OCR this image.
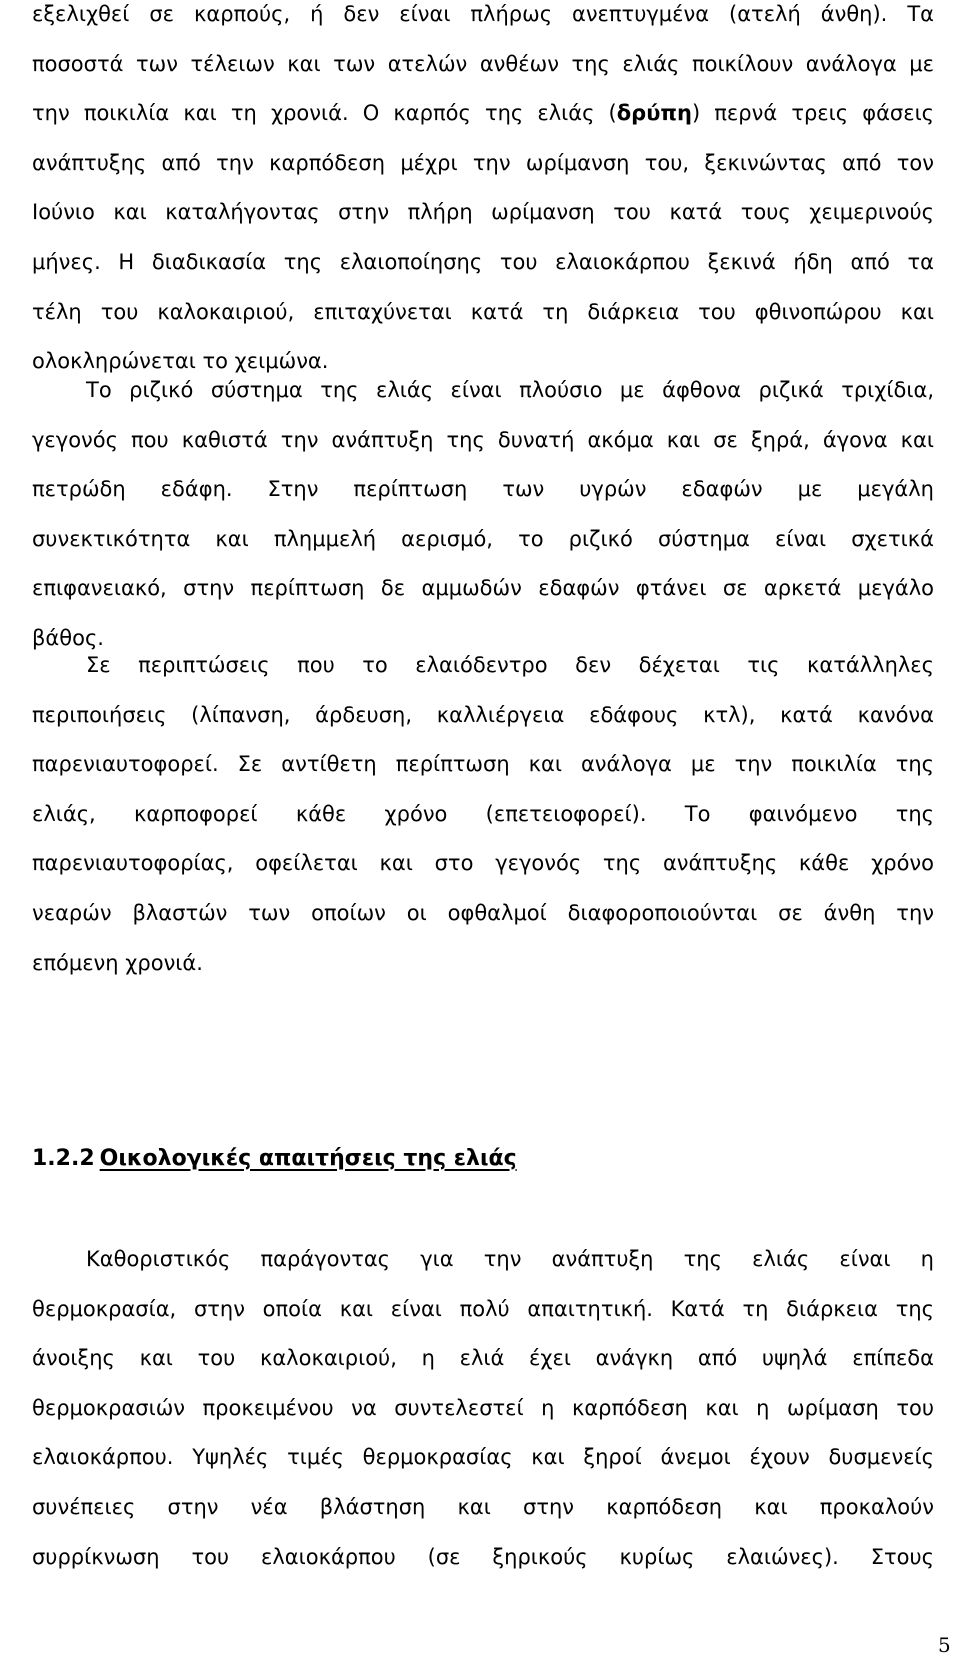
εξελιχθεί σε καρπούς, ή δεν είναι πλήρως ανεπτυγμένα (ατελή άνθη). Τα
ποσοστά των τέλειων και των ατελών ανθέων της ελιάς ποικίλουν ανάλογα με
την ποικιλία και τη χρονιά. Ο καρπός της ελιάς (δρύπη) περνά τρεις φάσεις
ανάπτυξης από την καρπόδεση μέχρι την ωρίμανση του, ξεκινώντας από τον
Ιούνιο και καταλήγοντας στην πλήρη ωρίμανση του κατά τους χειμερινούς
μήνες. Η διαδικασία της ελαιοποίησης του ελαιοκάρπου ξεκινά ήδη από τα
τέλη του καλοκαιριού, επιταχύνεται κατά τη διάρκεια του φθινοπώρου και
ολοκληρώνεται το χειμώνα.

Το ριζικό σύστημα της ελιάς είναι πλούσιο με άφθονα ριζικά τριχίδια,
γεγονός που καθιστά την ανάπτυξη της δυνατή ακόμα και σε ξηρά, άγονα και
πετρώδη εδάφη. Στην περίπτωση των υγρών εδαφών με μεγάλη
συνεκτικότητα και πλημμελή αερισμό, το ριζικό σύστημα είναι σχετικά
επιφανειακό, στην περίπτωση δε αμμωδών εδαφών φτάνει σε αρκετά μεγάλο
βάθος.

Σε περιπτώσεις που το ελαιόδεντρο δεν δέχεται τις κατάλληλες
περιποιήσεις (λίπανση, άρδευση, καλλιέργεια εδάφους κτλ), κατά κανόνα
παρενιαυτοφορεί. Σε αντίθετη περίπτωση και ανάλογα με την ποικιλία της
ελιάς, καρποφορεί κάθε χρόνο (επετειοφορεί). Το φαινόμενο της
παρενιαυτοφορίας, οφείλεται και στο γεγονός της ανάπτυξης κάθε χρόνο
νεαρών βλαστών των οποίων οι οφθαλμοί διαφοροποιούνται σε άνθη την
επόμενη χρονιά.

1.2.2 Οικολογικές απαιτήσεις της ελιάς

Καθοριστικός παράγοντας για την ανάπτυξη της ελιάς είναι η
θερμοκρασία, στην οποία και είναι πολύ απαιτητική. Κατά τη διάρκεια της
άνοιξης και του καλοκαιριού, η ελιά έχει ανάγκη από υψηλά επίπεδα
θερμοκρασιών προκειμένου να συντελεστεί η καρπόδεση και η ωρίμαση του
ελαιοκάρπου. Υψηλές τιμές θερμοκρασίας και ξηροί άνεμοι έχουν δυσμενείς
συνέπειες στην νέα βλάστηση και στην καρπόδεση και προκαλούν
συρρίκνωση του ελαιοκάρπου (σε ξηρικούς κυρίως ελαιώνες). Στους

5
